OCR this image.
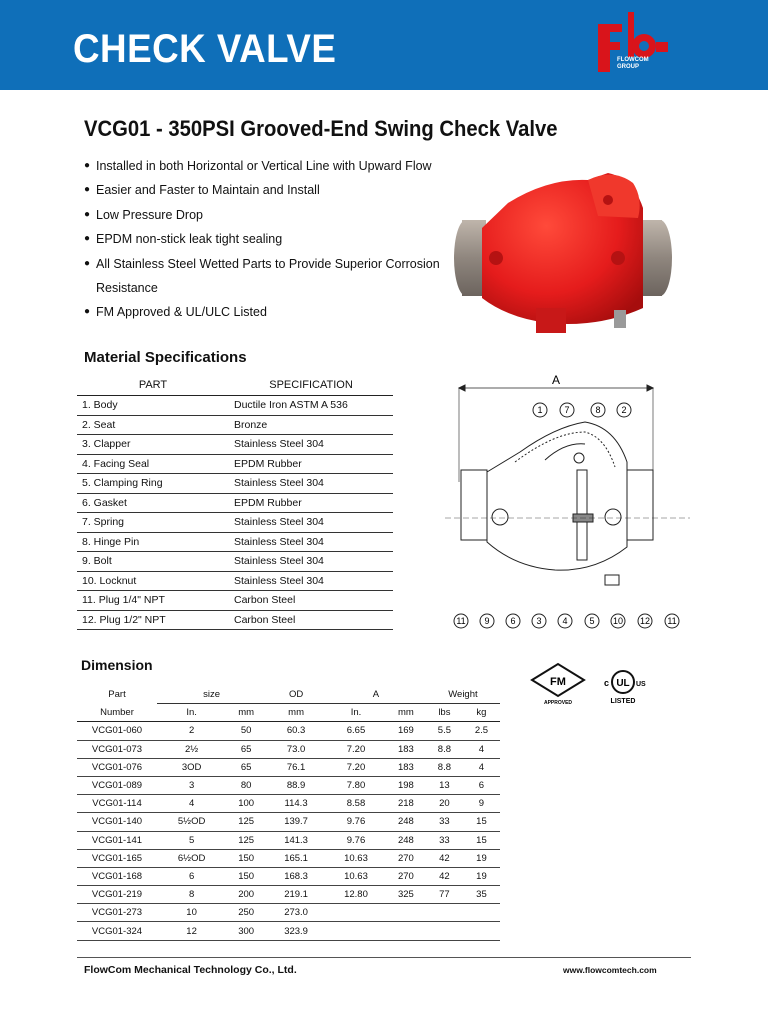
CHECK VALVE	FLOWCOM
GROUP
VCG01 - 350PSI Grooved-End Swing Check Valve
● Installed in both Horizontal or Vertical Line with Upward Flow
● Easier and Faster to Maintain and Install
● Low Pressure Drop
● EPDM non-stick leak tight sealing
● All Stainless Steel Wetted Parts to Provide Superior Corrosion
Resistance
● FM Approved & UL/ULC Listed
Material Specifications
PART	SPECIFICATION
1. Body	Ductile Iron ASTM A 536
2. Seat	Bronze
3. Clapper	Stainless Steel 304
4. Facing Seal	EPDM Rubber
5. Clamping Ring	Stainless Steel 304
6. Gasket	EPDM Rubber
7. Spring	Stainless Steel 304
8. Hinge Pin	Stainless Steel 304
9. Bolt	Stainless Steel 304
10. Locknut	Stainless Steel 304
11. Plug 1/4" NPT	Carbon Steel
12. Plug 1/2" NPT	Carbon Steel
A
1 7	8 2
11 9 6 3 4 5 10 12 11
Dimension
Part	size		OD	A		Weight	
Number	In.	mm	mm	In.	mm	lbs	kg
VCG01-060	2	50	60.3	6.65	169	5.5	2.5
VCG01-073	2½	65	73.0	7.20	183	8.8	4
VCG01-076	3OD	65	76.1	7.20	183	8.8	4
VCG01-089	3	80	88.9	7.80	198	13	6
VCG01-114	4	100	114.3	8.58	218	20	9
VCG01-140	5½OD	125	139.7	9.76	248	33	15
VCG01-141	5	125	141.3	9.76	248	33	15
VCG01-165	6½OD	150	165.1	10.63	270	42	19
VCG01-168	6	150	168.3	10.63	270	42	19
VCG01-219	8	200	219.1	12.80	325	77	35
VCG01-273	10	250	273.0				
VCG01-324	12	300	323.9				
FM
APPROVED
c UL US
LISTED
FlowCom Mechanical Technology Co., Ltd.	www.flowcomtech.com
